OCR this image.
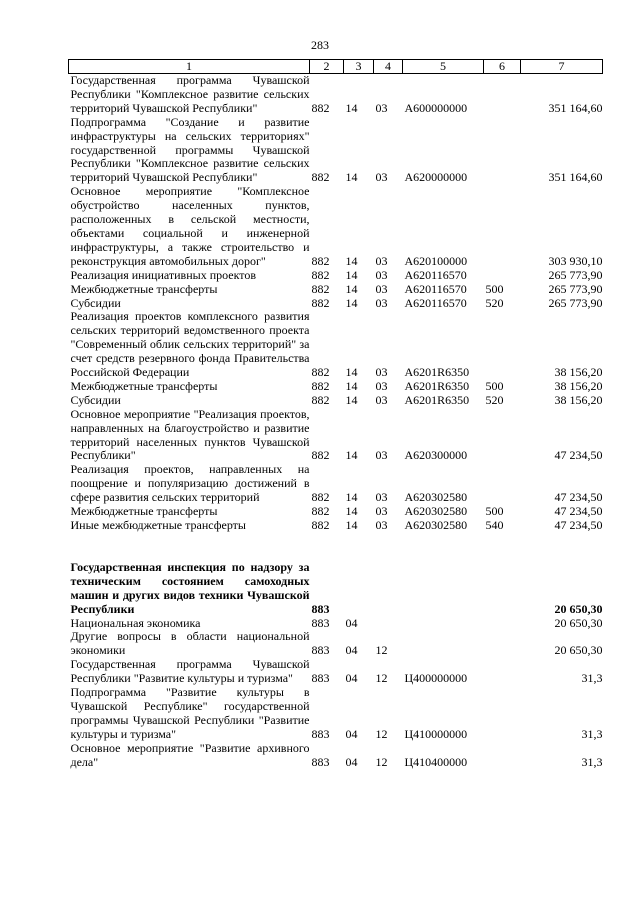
283
1	2	3	4	5	6	7
Государственная программа Чувашской Республики "Комплексное развитие сельских территорий Чувашской Республики"	882	14	03	А600000000		351 164,60
Подпрограмма "Создание и развитие инфраструктуры на сельских территориях" государственной программы Чувашской Республики "Комплексное развитие сельских территорий Чувашской Республики"	882	14	03	А620000000		351 164,60
Основное мероприятие "Комплексное обустройство населенных пунктов, расположенных в сельской местности, объектами социальной и инженерной инфраструктуры, а также строительство и реконструкция автомобильных дорог"	882	14	03	А620100000		303 930,10
Реализация инициативных проектов	882	14	03	А620116570		265 773,90
Межбюджетные трансферты	882	14	03	А620116570	500	265 773,90
Субсидии	882	14	03	А620116570	520	265 773,90
Реализация проектов комплексного развития сельских территорий ведомственного проекта "Современный облик сельских территорий" за счет средств резервного фонда Правительства Российской Федерации	882	14	03	А6201R6350		38 156,20
Межбюджетные трансферты	882	14	03	А6201R6350	500	38 156,20
Субсидии	882	14	03	А6201R6350	520	38 156,20
Основное мероприятие "Реализация проектов, направленных на благоустройство и развитие территорий населенных пунктов Чувашской Республики"	882	14	03	А620300000		47 234,50
Реализация проектов, направленных на поощрение и популяризацию достижений в сфере развития сельских территорий	882	14	03	А620302580		47 234,50
Межбюджетные трансферты	882	14	03	А620302580	500	47 234,50
Иные межбюджетные трансферты	882	14	03	А620302580	540	47 234,50

Государственная инспекция по надзору за техническим состоянием самоходных машин и других видов техники Чувашской Республики	883					20 650,30
Национальная экономика	883	04				20 650,30
Другие вопросы в области национальной экономики	883	04	12			20 650,30
Государственная программа Чувашской Республики "Развитие культуры и туризма"	883	04	12	Ц400000000		31,3
Подпрограмма "Развитие культуры в Чувашской Республике" государственной программы Чувашской Республики "Развитие культуры и туризма"	883	04	12	Ц410000000		31,3
Основное мероприятие "Развитие архивного дела"	883	04	12	Ц410400000		31,3
